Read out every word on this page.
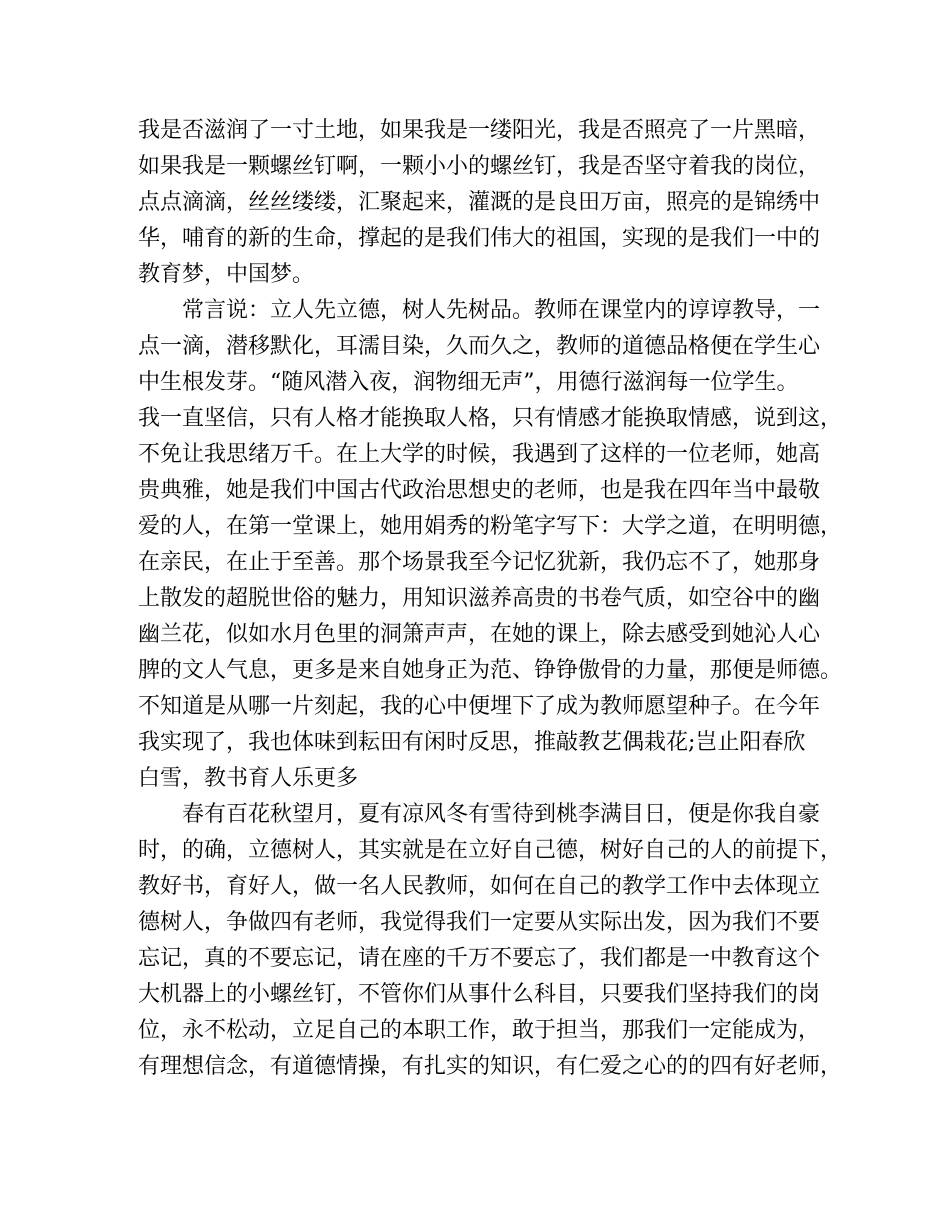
我是否滋润了一寸土地，如果我是一缕阳光，我是否照亮了一片黑暗，

如果我是一颗螺丝钉啊，一颗小小的螺丝钉，我是否坚守着我的岗位，

点点滴滴，丝丝缕缕，汇聚起来，灌溉的是良田万亩，照亮的是锦绣中

华，哺育的新的生命，撑起的是我们伟大的祖国，实现的是我们一中的

教育梦，中国梦。

　　常言说：立人先立德，树人先树品。教师在课堂内的谆谆教导，一

点一滴，潜移默化，耳濡目染，久而久之，教师的道德品格便在学生心

中生根发芽。“随风潜入夜，润物细无声”，用德行滋润每一位学生。

我一直坚信，只有人格才能换取人格，只有情感才能换取情感，说到这，

不免让我思绪万千。在上大学的时候，我遇到了这样的一位老师，她高

贵典雅，她是我们中国古代政治思想史的老师，也是我在四年当中最敬

爱的人，在第一堂课上，她用娟秀的粉笔字写下：大学之道，在明明德，

在亲民，在止于至善。那个场景我至今记忆犹新，我仍忘不了，她那身

上散发的超脱世俗的魅力，用知识滋养高贵的书卷气质，如空谷中的幽

幽兰花，似如水月色里的洞箫声声，在她的课上，除去感受到她沁人心

脾的文人气息，更多是来自她身正为范、铮铮傲骨的力量，那便是师德。

不知道是从哪一片刻起，我的心中便埋下了成为教师愿望种子。在今年

我实现了，我也体味到耘田有闲时反思，推敲教艺偶栽花;岂止阳春欣

白雪，教书育人乐更多

　　春有百花秋望月，夏有凉风冬有雪待到桃李满目日，便是你我自豪

时，的确，立德树人，其实就是在立好自己德，树好自己的人的前提下，

教好书，育好人，做一名人民教师，如何在自己的教学工作中去体现立

德树人，争做四有老师，我觉得我们一定要从实际出发，因为我们不要

忘记，真的不要忘记，请在座的千万不要忘了，我们都是一中教育这个

大机器上的小螺丝钉，不管你们从事什么科目，只要我们坚持我们的岗

位，永不松动，立足自己的本职工作，敢于担当，那我们一定能成为，

有理想信念，有道德情操，有扎实的知识，有仁爱之心的的四有好老师，
